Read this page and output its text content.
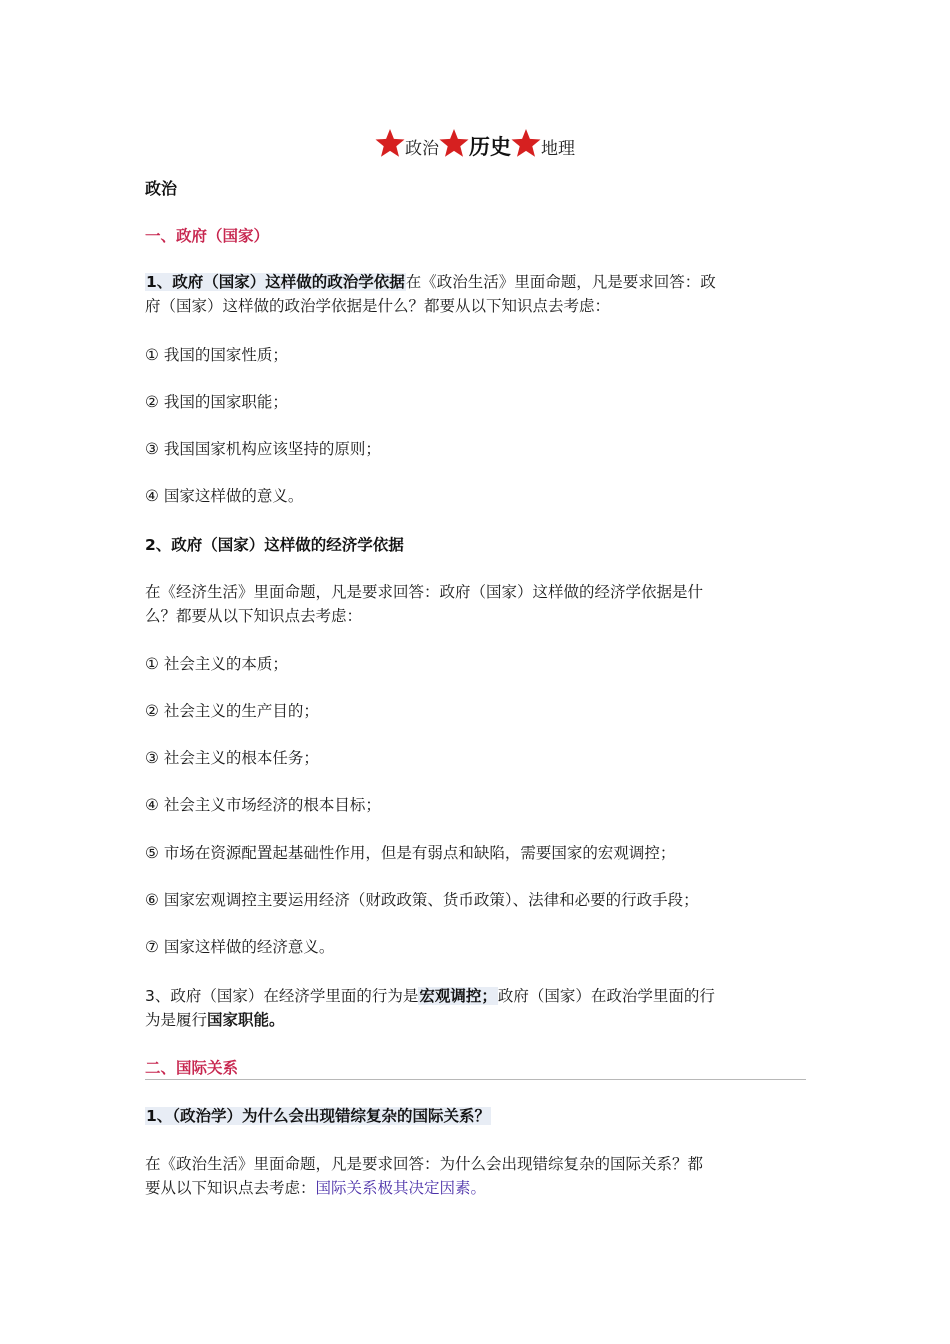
政治 历史 地理
政治
一、政府（国家）
1、政府（国家）这样做的政治学依据在《政治生活》里面命题，凡是要求回答：政
府（国家）这样做的政治学依据是什么？都要从以下知识点去考虑：
① 我国的国家性质；
② 我国的国家职能；
③ 我国国家机构应该坚持的原则；
④ 国家这样做的意义。
2、政府（国家）这样做的经济学依据
在《经济生活》里面命题，凡是要求回答：政府（国家）这样做的经济学依据是什
么？都要从以下知识点去考虑：
① 社会主义的本质；
② 社会主义的生产目的；
③ 社会主义的根本任务；
④ 社会主义市场经济的根本目标；
⑤ 市场在资源配置起基础性作用，但是有弱点和缺陷，需要国家的宏观调控；
⑥ 国家宏观调控主要运用经济（财政政策、货币政策）、法律和必要的行政手段；
⑦ 国家这样做的经济意义。
3、政府（国家）在经济学里面的行为是宏观调控；政府（国家）在政治学里面的行
为是履行国家职能。
二、国际关系
1、（政治学）为什么会出现错综复杂的国际关系？
在《政治生活》里面命题，凡是要求回答：为什么会出现错综复杂的国际关系？都
要从以下知识点去考虑：国际关系极其决定因素。
